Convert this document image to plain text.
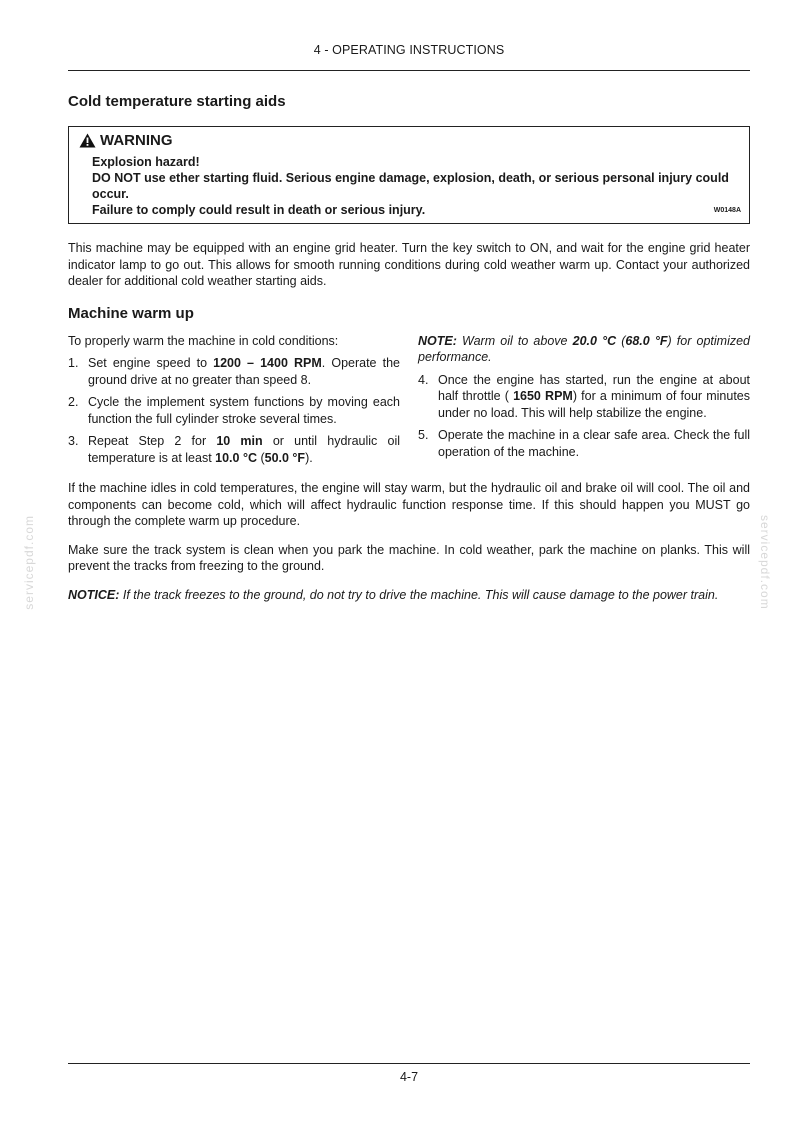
4 - OPERATING INSTRUCTIONS
servicepdf.com	servicepdf.com
Cold temperature starting aids
WARNING
Explosion hazard!
DO NOT use ether starting fluid. Serious engine damage, explosion, death, or serious personal injury could occur.
Failure to comply could result in death or serious injury.	W0148A

This machine may be equipped with an engine grid heater. Turn the key switch to ON, and wait for the engine grid heater indicator lamp to go out. This allows for smooth running conditions during cold weather warm up. Contact your authorized dealer for additional cold weather starting aids.

Machine warm up
To properly warm the machine in cold conditions:
1. Set engine speed to 1200 – 1400 RPM. Operate the ground drive at no greater than speed 8.
2. Cycle the implement system functions by moving each function the full cylinder stroke several times.
3. Repeat Step 2 for 10 min or until hydraulic oil temperature is at least 10.0 °C (50.0 °F).
NOTE: Warm oil to above 20.0 °C (68.0 °F) for optimized performance.
4. Once the engine has started, run the engine at about half throttle ( 1650 RPM) for a minimum of four minutes under no load. This will help stabilize the engine.
5. Operate the machine in a clear safe area. Check the full operation of the machine.

If the machine idles in cold temperatures, the engine will stay warm, but the hydraulic oil and brake oil will cool. The oil and components can become cold, which will affect hydraulic function response time. If this should happen you MUST go through the complete warm up procedure.

Make sure the track system is clean when you park the machine. In cold weather, park the machine on planks. This will prevent the tracks from freezing to the ground.

NOTICE: If the track freezes to the ground, do not try to drive the machine. This will cause damage to the power train.

4-7
